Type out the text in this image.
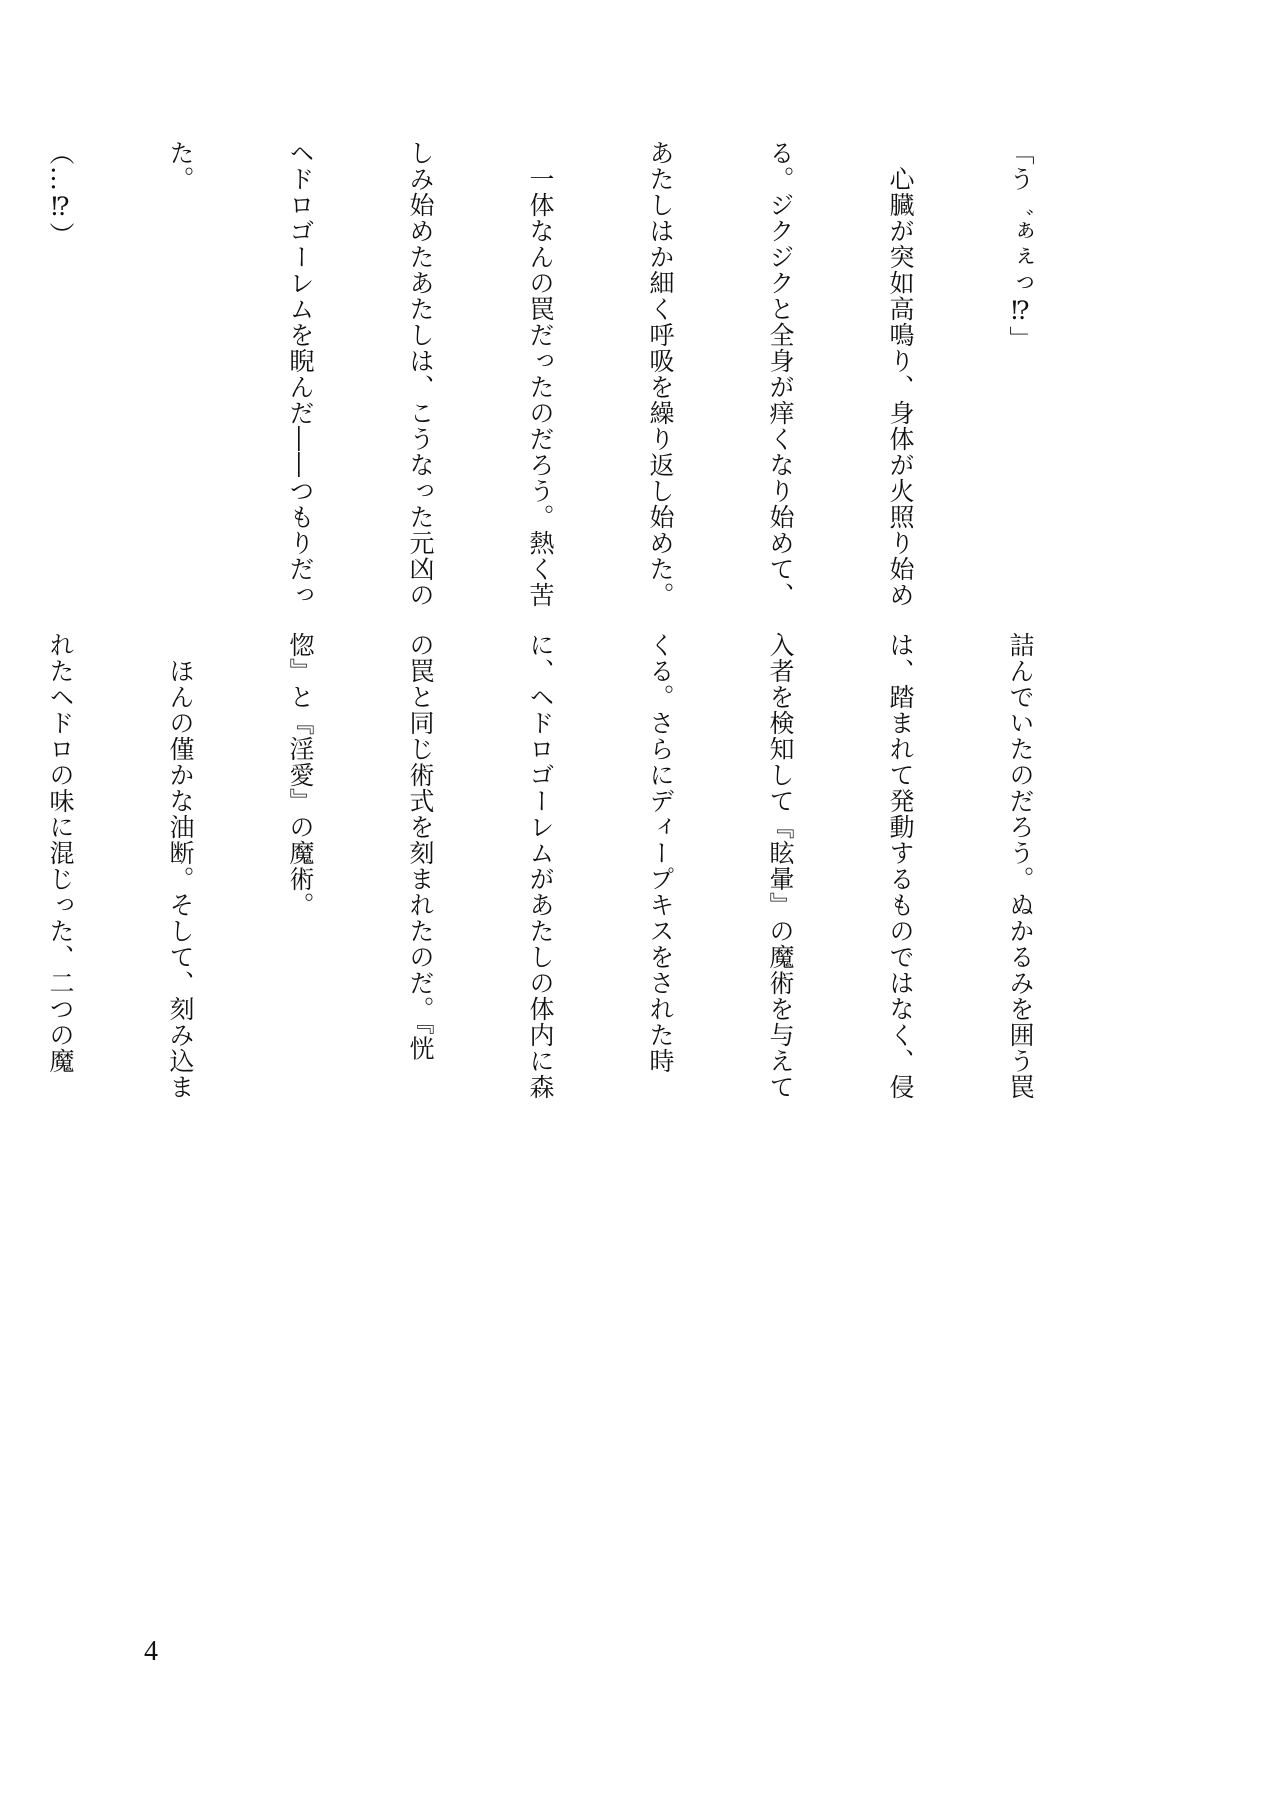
「う゛ぁぇっ⁉」

　心臓が突如高鳴り、身体が火照り始め

る。ジクジクと全身が痒くなり始めて、

あたしはか細く呼吸を繰り返し始めた。

　一体なんの罠だったのだろう。熱く苦

しみ始めたあたしは、こうなった元凶の

ヘドロゴーレムを睨んだ――つもりだっ

た。

（…⁉）

詰んでいたのだろう。ぬかるみを囲う罠

は、踏まれて発動するものではなく、侵

入者を検知して『眩暈』の魔術を与えて

くる。さらにディープキスをされた時

に、ヘドロゴーレムがあたしの体内に森

の罠と同じ術式を刻まれたのだ。『恍

惚』と『淫愛』の魔術。

　ほんの僅かな油断。そして、刻み込ま

れたヘドロの味に混じった、二つの魔

4
